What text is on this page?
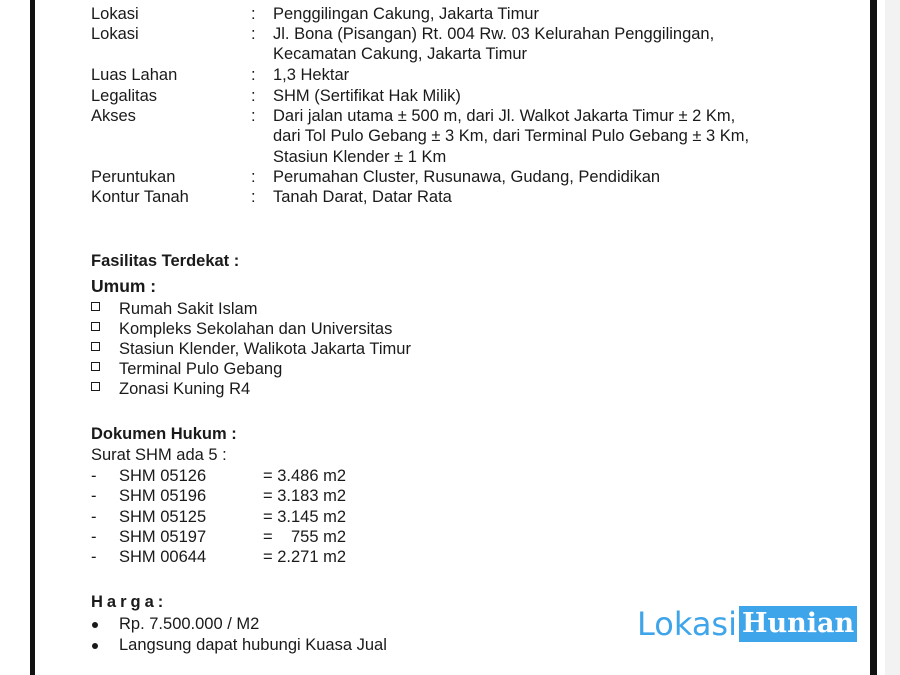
Lokasi	: Penggilingan Cakung, Jakarta Timur
Lokasi	: Jl. Bona (Pisangan) Rt. 004 Rw. 03 Kelurahan Penggilingan,
Kecamatan Cakung, Jakarta Timur
Luas Lahan	: 1,3 Hektar
Legalitas	: SHM (Sertifikat Hak Milik)
Akses	: Dari jalan utama ± 500 m, dari Jl. Walkot Jakarta Timur ± 2 Km,
dari Tol Pulo Gebang ± 3 Km, dari Terminal Pulo Gebang ± 3 Km,
Stasiun Klender ± 1 Km
Peruntukan	: Perumahan Cluster, Rusunawa, Gudang, Pendidikan
Kontur Tanah	: Tanah Darat, Datar Rata
Fasilitas Terdekat :
Umum :
Rumah Sakit Islam
Kompleks Sekolahan dan Universitas
Stasiun Klender, Walikota Jakarta Timur
Terminal Pulo Gebang
Zonasi Kuning R4
Dokumen Hukum :
Surat SHM ada 5 :
- SHM 05126	= 3.486 m2
- SHM 05196	= 3.183 m2
- SHM 05125	= 3.145 m2
- SHM 05197	=    755 m2
- SHM 00644	= 2.271 m2
Harga:
Rp. 7.500.000 / M2
Langsung dapat hubungi Kuasa Jual
Lokasi Hunian
